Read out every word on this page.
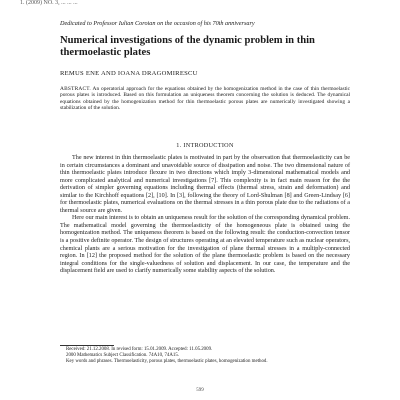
1. (2009) NO. 3, ... ... ...
Dedicated to Professor Iulian Coroian on the occasion of his 70th anniversary
Numerical investigations of the dynamic problem in thin thermoelastic plates
REMUS ENE AND IOANA DRAGOMIRESCU
ABSTRACT. An operatorial approach for the equations obtained by the homogenization method in the case of thin thermoelastic porous plates is introduced. Based on this formulation an uniqueness theorem concerning the solution is deduced. The dynamical equations obtained by the homogenization method for thin thermoelastic porous plates are numerically investigated showing a stabilization of the solution.
1. INTRODUCTION

The new interest in thin thermoelastic plates is motivated in part by the observation that thermoelasticity can be in certain circumstances a dominant and unavoidable source of dissipation and noise. The two dimensional nature of thin thermoelastic plates introduce flexure in two directions which imply 3-dimensional mathematical models and more complicated analytical and numerical investigations [7]. This complexity is in fact main reason for the the derivation of simpler governing equations including thermal effects (thermal stress, strain and deformation) and similar to the Kirchhoff equations [2], [10]. In [3], following the theory of Lord-Shulman [8] and Green-Lindsay [6] for thermoelastic plates, numerical evaluations on the thermal stresses in a thin porous plate due to the radiations of a thermal source are given.

Here our main interest is to obtain an uniqueness result for the solution of the corresponding dynamical problem. The mathematical model governing the thermoelasticity of the homogeneous plate is obtained using the homogenization method. The uniqueness theorem is based on the following result: the conduction-convection tensor is a positive definite operator. The design of structures operating at an elevated temperature such as nuclear operators, chemical plants are a serious motivation for the investigation of plane thermal stresses in a multiply-connected region. In [12] the proposed method for the solution of the plane thermoelastic problem is based on the necessary integral conditions for the single-valuedness of solution and displacement. In our case, the temperature and the displacement field are used to clarify numerically some stability aspects of the solution.

Received: 21.12.2008. In revised form: 15.01.2009. Accepted: 11.05.2009.
2000 Mathematics Subject Classification. 74A10, 74A15.
Key words and phrases. Thermoelasticity, porous plates, thermoelastic plates, homogenization method.
599
